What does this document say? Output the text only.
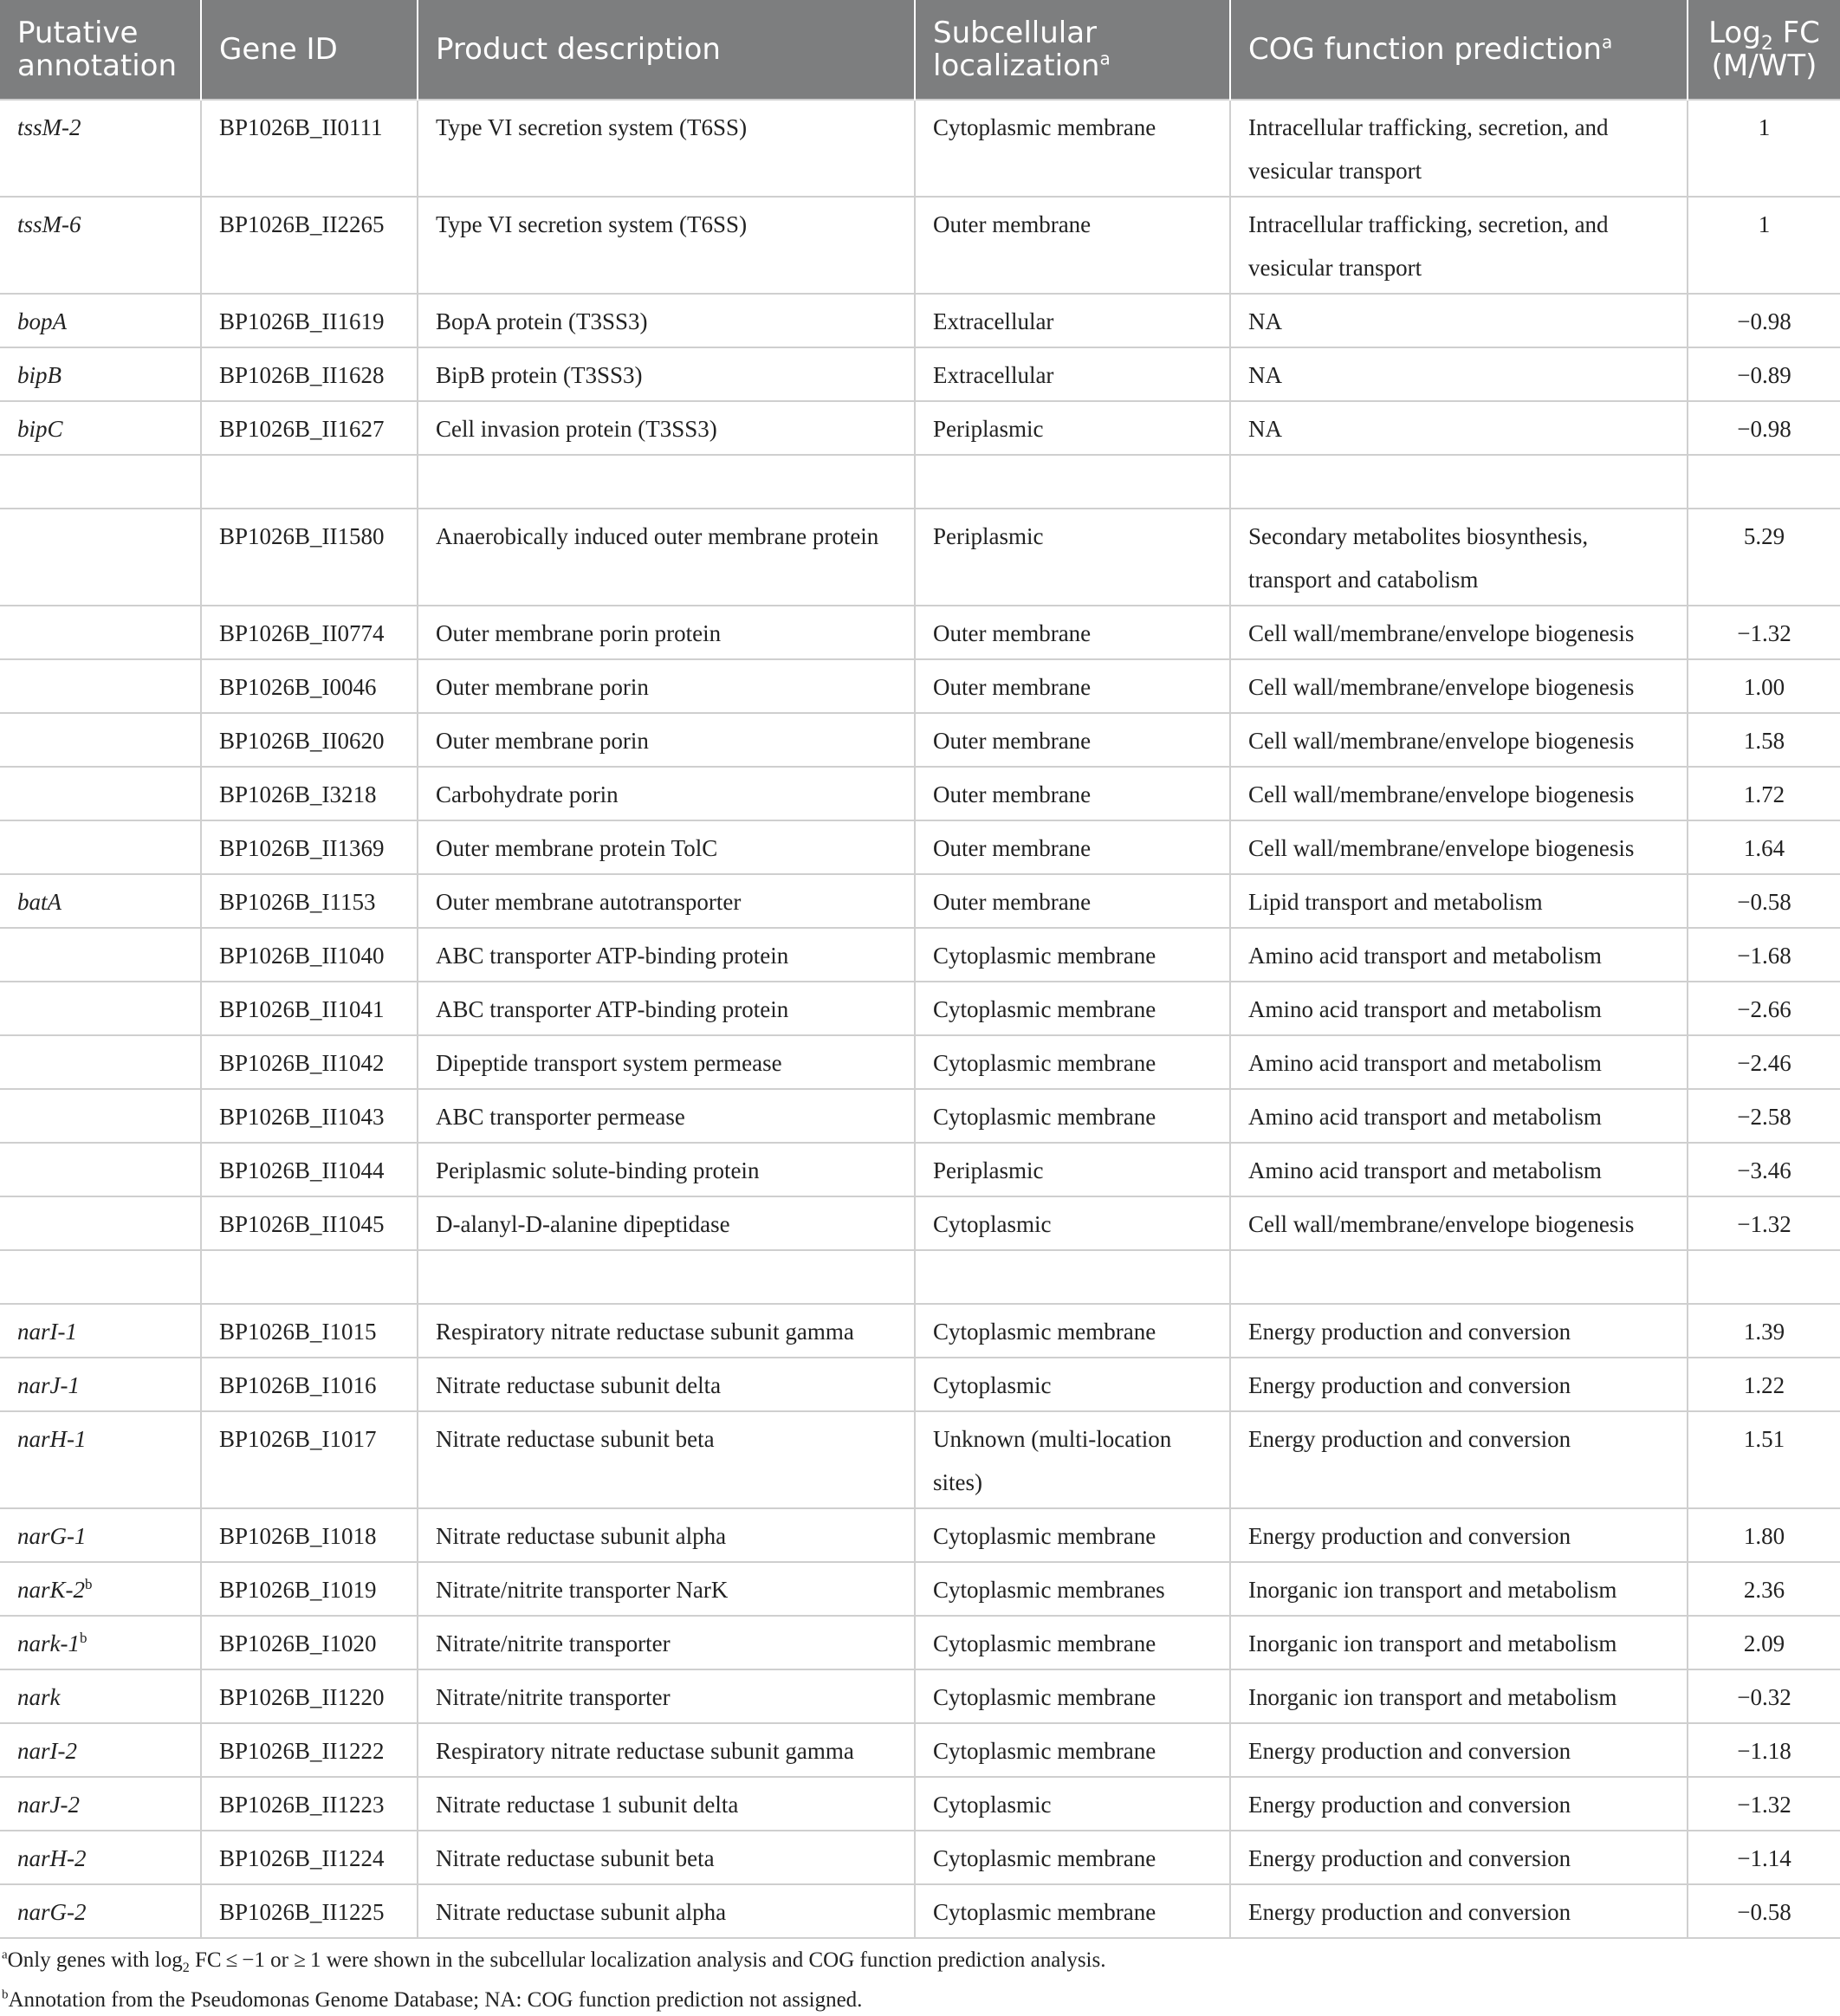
Putative annotation	Gene ID	Product description	Subcellular localization$^a$	COG function prediction$^a$	Log$_2$ FC
(M/WT)
tssM-2	BP1026B_II0111	Type VI secretion system (T6SS)	Cytoplasmic membrane	Intracellular trafficking, secretion, and vesicular transport	1
tssM-6	BP1026B_II2265	Type VI secretion system (T6SS)	Outer membrane	Intracellular trafficking, secretion, and vesicular transport	1
bopA	BP1026B_II1619	BopA protein (T3SS3)	Extracellular	NA	−0.98
bipB	BP1026B_II1628	BipB protein (T3SS3)	Extracellular	NA	−0.89
bipC	BP1026B_II1627	Cell invasion protein (T3SS3)	Periplasmic	NA	−0.98

	BP1026B_II1580	Anaerobically induced outer membrane protein	Periplasmic	Secondary metabolites biosynthesis, transport and catabolism	5.29
	BP1026B_II0774	Outer membrane porin protein	Outer membrane	Cell wall/membrane/envelope biogenesis	−1.32
	BP1026B_I0046	Outer membrane porin	Outer membrane	Cell wall/membrane/envelope biogenesis	1.00
	BP1026B_II0620	Outer membrane porin	Outer membrane	Cell wall/membrane/envelope biogenesis	1.58
	BP1026B_I3218	Carbohydrate porin	Outer membrane	Cell wall/membrane/envelope biogenesis	1.72
	BP1026B_II1369	Outer membrane protein TolC	Outer membrane	Cell wall/membrane/envelope biogenesis	1.64
batA	BP1026B_I1153	Outer membrane autotransporter	Outer membrane	Lipid transport and metabolism	−0.58
	BP1026B_II1040	ABC transporter ATP-binding protein	Cytoplasmic membrane	Amino acid transport and metabolism	−1.68
	BP1026B_II1041	ABC transporter ATP-binding protein	Cytoplasmic membrane	Amino acid transport and metabolism	−2.66
	BP1026B_II1042	Dipeptide transport system permease	Cytoplasmic membrane	Amino acid transport and metabolism	−2.46
	BP1026B_II1043	ABC transporter permease	Cytoplasmic membrane	Amino acid transport and metabolism	−2.58
	BP1026B_II1044	Periplasmic solute-binding protein	Periplasmic	Amino acid transport and metabolism	−3.46
	BP1026B_II1045	D-alanyl-D-alanine dipeptidase	Cytoplasmic	Cell wall/membrane/envelope biogenesis	−1.32

narI-1	BP1026B_I1015	Respiratory nitrate reductase subunit gamma	Cytoplasmic membrane	Energy production and conversion	1.39
narJ-1	BP1026B_I1016	Nitrate reductase subunit delta	Cytoplasmic	Energy production and conversion	1.22
narH-1	BP1026B_I1017	Nitrate reductase subunit beta	Unknown (multi-location sites)	Energy production and conversion	1.51
narG-1	BP1026B_I1018	Nitrate reductase subunit alpha	Cytoplasmic membrane	Energy production and conversion	1.80
narK-2$^b$	BP1026B_I1019	Nitrate/nitrite transporter NarK	Cytoplasmic membranes	Inorganic ion transport and metabolism	2.36
nark-1$^b$	BP1026B_I1020	Nitrate/nitrite transporter	Cytoplasmic membrane	Inorganic ion transport and metabolism	2.09
nark	BP1026B_II1220	Nitrate/nitrite transporter	Cytoplasmic membrane	Inorganic ion transport and metabolism	−0.32
narI-2	BP1026B_II1222	Respiratory nitrate reductase subunit gamma	Cytoplasmic membrane	Energy production and conversion	−1.18
narJ-2	BP1026B_II1223	Nitrate reductase 1 subunit delta	Cytoplasmic	Energy production and conversion	−1.32
narH-2	BP1026B_II1224	Nitrate reductase subunit beta	Cytoplasmic membrane	Energy production and conversion	−1.14
narG-2	BP1026B_II1225	Nitrate reductase subunit alpha	Cytoplasmic membrane	Energy production and conversion	−0.58

$^a$Only genes with $\log_2$ FC ≤ −1 or ≥ 1 were shown in the subcellular localization analysis and COG function prediction analysis.

$^b$Annotation from the Pseudomonas Genome Database; NA: COG function prediction not assigned.
